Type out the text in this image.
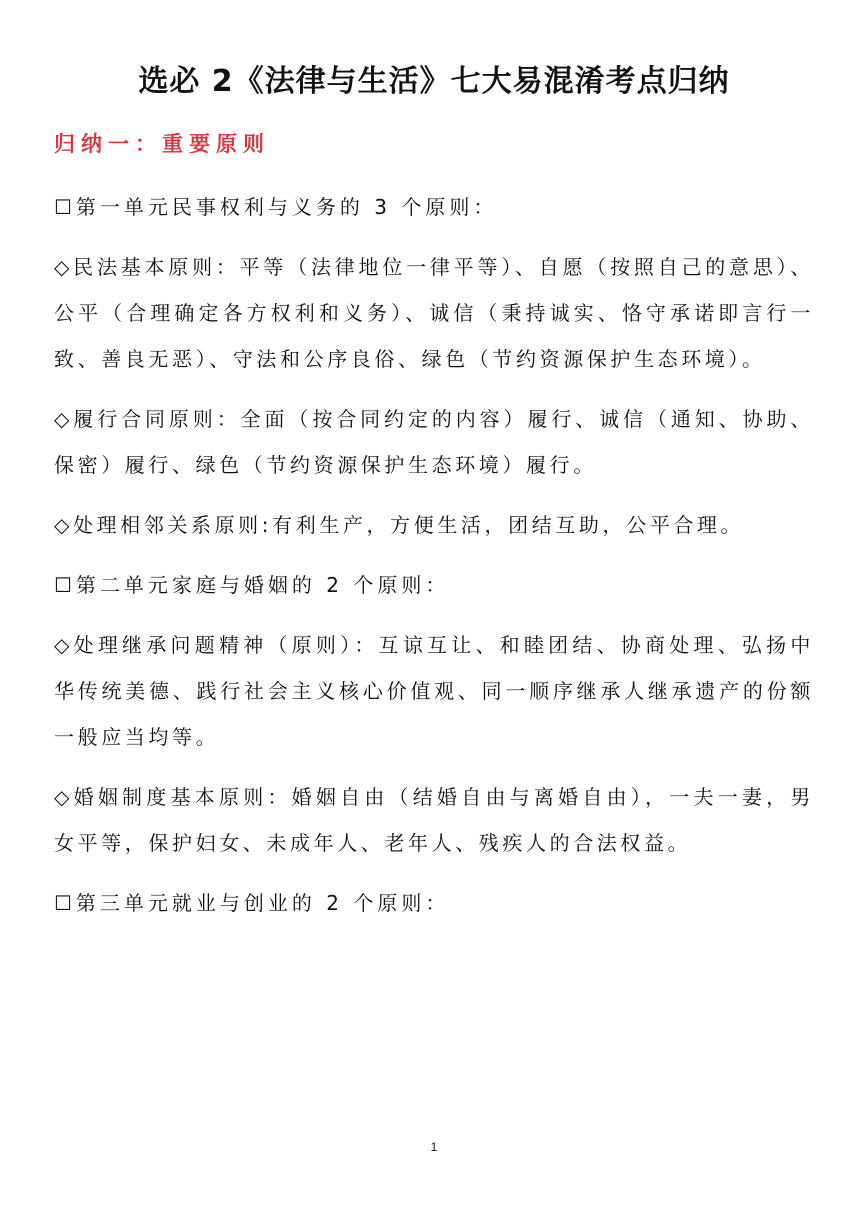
选必 2《法律与生活》七大易混淆考点归纳
归纳一：重要原则

☐第一单元民事权利与义务的 3 个原则：

◇民法基本原则：平等（法律地位一律平等）、自愿（按照自己的意思）、公平（合理确定各方权利和义务）、诚信（秉持诚实、恪守承诺即言行一致、善良无恶）、守法和公序良俗、绿色（节约资源保护生态环境）。

◇履行合同原则：全面（按合同约定的内容）履行、诚信（通知、协助、保密）履行、绿色（节约资源保护生态环境）履行。

◇处理相邻关系原则:有利生产，方便生活，团结互助，公平合理。

☐第二单元家庭与婚姻的 2 个原则：

◇处理继承问题精神（原则）：互谅互让、和睦团结、协商处理、弘扬中华传统美德、践行社会主义核心价值观、同一顺序继承人继承遗产的份额一般应当均等。

◇婚姻制度基本原则：婚姻自由（结婚自由与离婚自由），一夫一妻，男女平等，保护妇女、未成年人、老年人、残疾人的合法权益。

☐第三单元就业与创业的 2 个原则：

1
